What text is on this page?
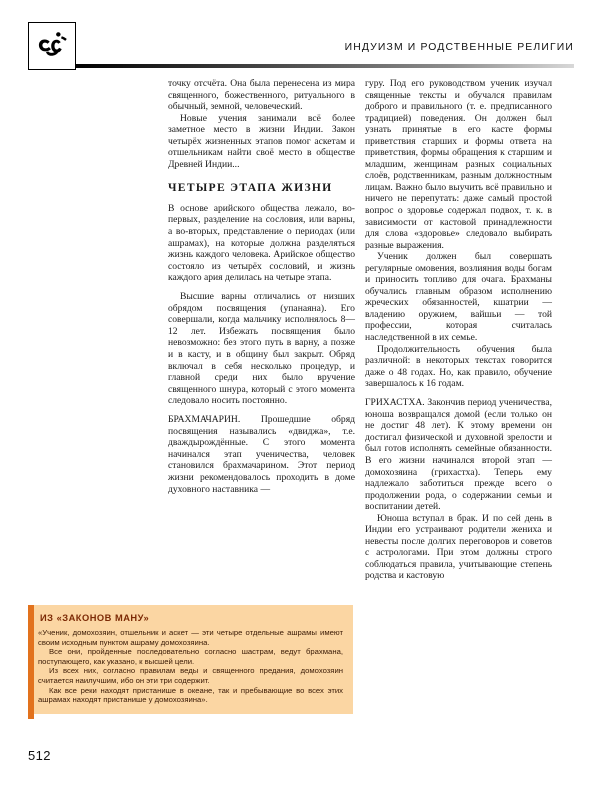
ИНДУИЗМ И РОДСТВЕННЫЕ РЕЛИГИИ

точку отсчёта. Она была перенесена из мира священного, божественного, ритуального в обычный, земной, человеческий.

Новые учения занимали всё более заметное место в жизни Индии. Закон четырёх жизненных этапов помог аскетам и отшельникам найти своё место в обществе Древней Индии...

ЧЕТЫРЕ ЭТАПА ЖИЗНИ

В основе арийского общества лежало, во-первых, разделение на сословия, или варны, а во-вторых, представление о периодах (или ашрамах), на которые должна разделяться жизнь каждого человека. Арийское общество состояло из четырёх сословий, и жизнь каждого ария делилась на четыре этапа.

Высшие варны отличались от низших обрядом посвящения (упанаяна). Его совершали, когда мальчику исполнялось 8—12 лет. Избежать посвящения было невозможно: без этого путь в варну, а позже и в касту, и в общину был закрыт. Обряд включал в себя несколько процедур, и главной среди них было вручение священного шнура, который с этого момента следовало носить постоянно.

БРАХМАЧАРИН. Прошедшие обряд посвящения назывались «двиджа», т.е. дваждырождённые. С этого момента начинался этап ученичества, человек становился брахмачарином. Этот период жизни рекомендовалось проходить в доме духовного наставника —

гуру. Под его руководством ученик изучал священные тексты и обучался правилам доброго и правильного (т. е. предписанного традицией) поведения. Он должен был узнать принятые в его касте формы приветствия старших и формы ответа на приветствия, формы обращения к старшим и младшим, женщинам разных социальных слоёв, родственникам, разным должностным лицам. Важно было выучить всё правильно и ничего не перепутать: даже самый простой вопрос о здоровье содержал подвох, т. к. в зависимости от кастовой принадлежности для слова «здоровье» следовало выбирать разные выражения.

Ученик должен был совершать регулярные омовения, возлияния воды богам и приносить топливо для очага. Брахманы обучались главным образом исполнению жреческих обязанностей, кшатрии — владению оружием, вайшьи — той профессии, которая считалась наследственной в их семье.

Продолжительность обучения была различной: в некоторых текстах говорится даже о 48 годах. Но, как правило, обучение завершалось к 16 годам.

ГРИХАСТХА. Закончив период ученичества, юноша возвращался домой (если только он не достиг 48 лет). К этому времени он достигал физической и духовной зрелости и был готов исполнять семейные обязанности. В его жизни начинался второй этап — домохозяина (грихастха). Теперь ему надлежало заботиться прежде всего о продолжении рода, о содержании семьи и воспитании детей.

Юноша вступал в брак. И по сей день в Индии его устраивают родители жениха и невесты после долгих переговоров и советов с астрологами. При этом должны строго соблюдаться правила, учитывающие степень родства и кастовую

ИЗ «ЗАКОНОВ МАНУ»

«Ученик, домохозяин, отшельник и аскет — эти четыре отдельные ашрамы имеют своим исходным пунктом ашраму домохозяина.

Все они, пройденные последовательно согласно шастрам, ведут брахмана, поступающего, как указано, к высшей цели.

Из всех них, согласно правилам веды и священного предания, домохозяин считается наилучшим, ибо он эти три содержит.

Как все реки находят пристанише в океане, так и пребывающие во всех этих ашрамах находят пристанише у домохозяина».

512
